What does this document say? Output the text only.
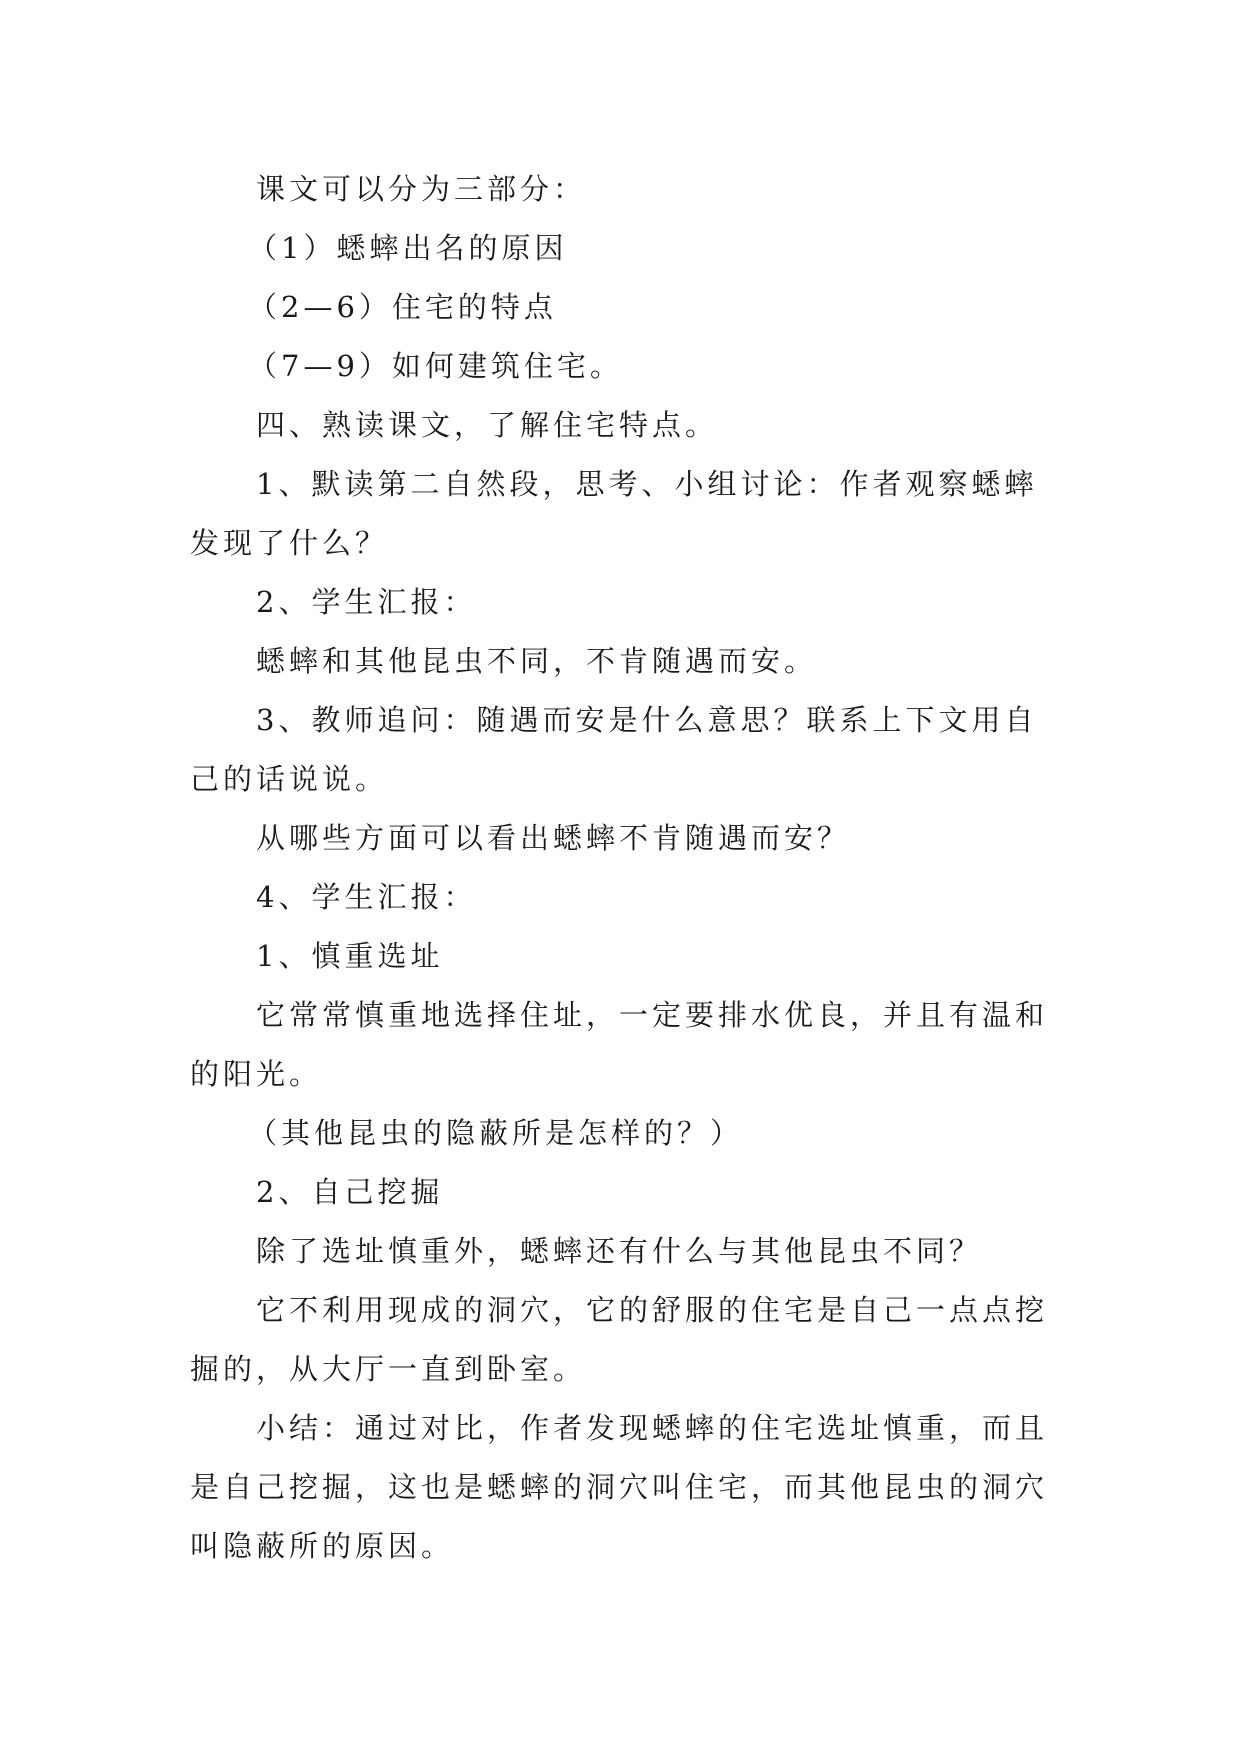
课文可以分为三部分：
（1）蟋蟀出名的原因
（2—6）住宅的特点
（7—9）如何建筑住宅。
四、熟读课文，了解住宅特点。
1、默读第二自然段，思考、小组讨论：作者观察蟋蟀
发现了什么？
2、学生汇报：
蟋蟀和其他昆虫不同，不肯随遇而安。
3、教师追问：随遇而安是什么意思？联系上下文用自
己的话说说。
从哪些方面可以看出蟋蟀不肯随遇而安？
4、学生汇报：
1、慎重选址
它常常慎重地选择住址，一定要排水优良，并且有温和
的阳光。
（其他昆虫的隐蔽所是怎样的？）
2、自己挖掘
除了选址慎重外，蟋蟀还有什么与其他昆虫不同？
它不利用现成的洞穴，它的舒服的住宅是自己一点点挖
掘的，从大厅一直到卧室。
小结：通过对比，作者发现蟋蟀的住宅选址慎重，而且
是自己挖掘，这也是蟋蟀的洞穴叫住宅，而其他昆虫的洞穴
叫隐蔽所的原因。
